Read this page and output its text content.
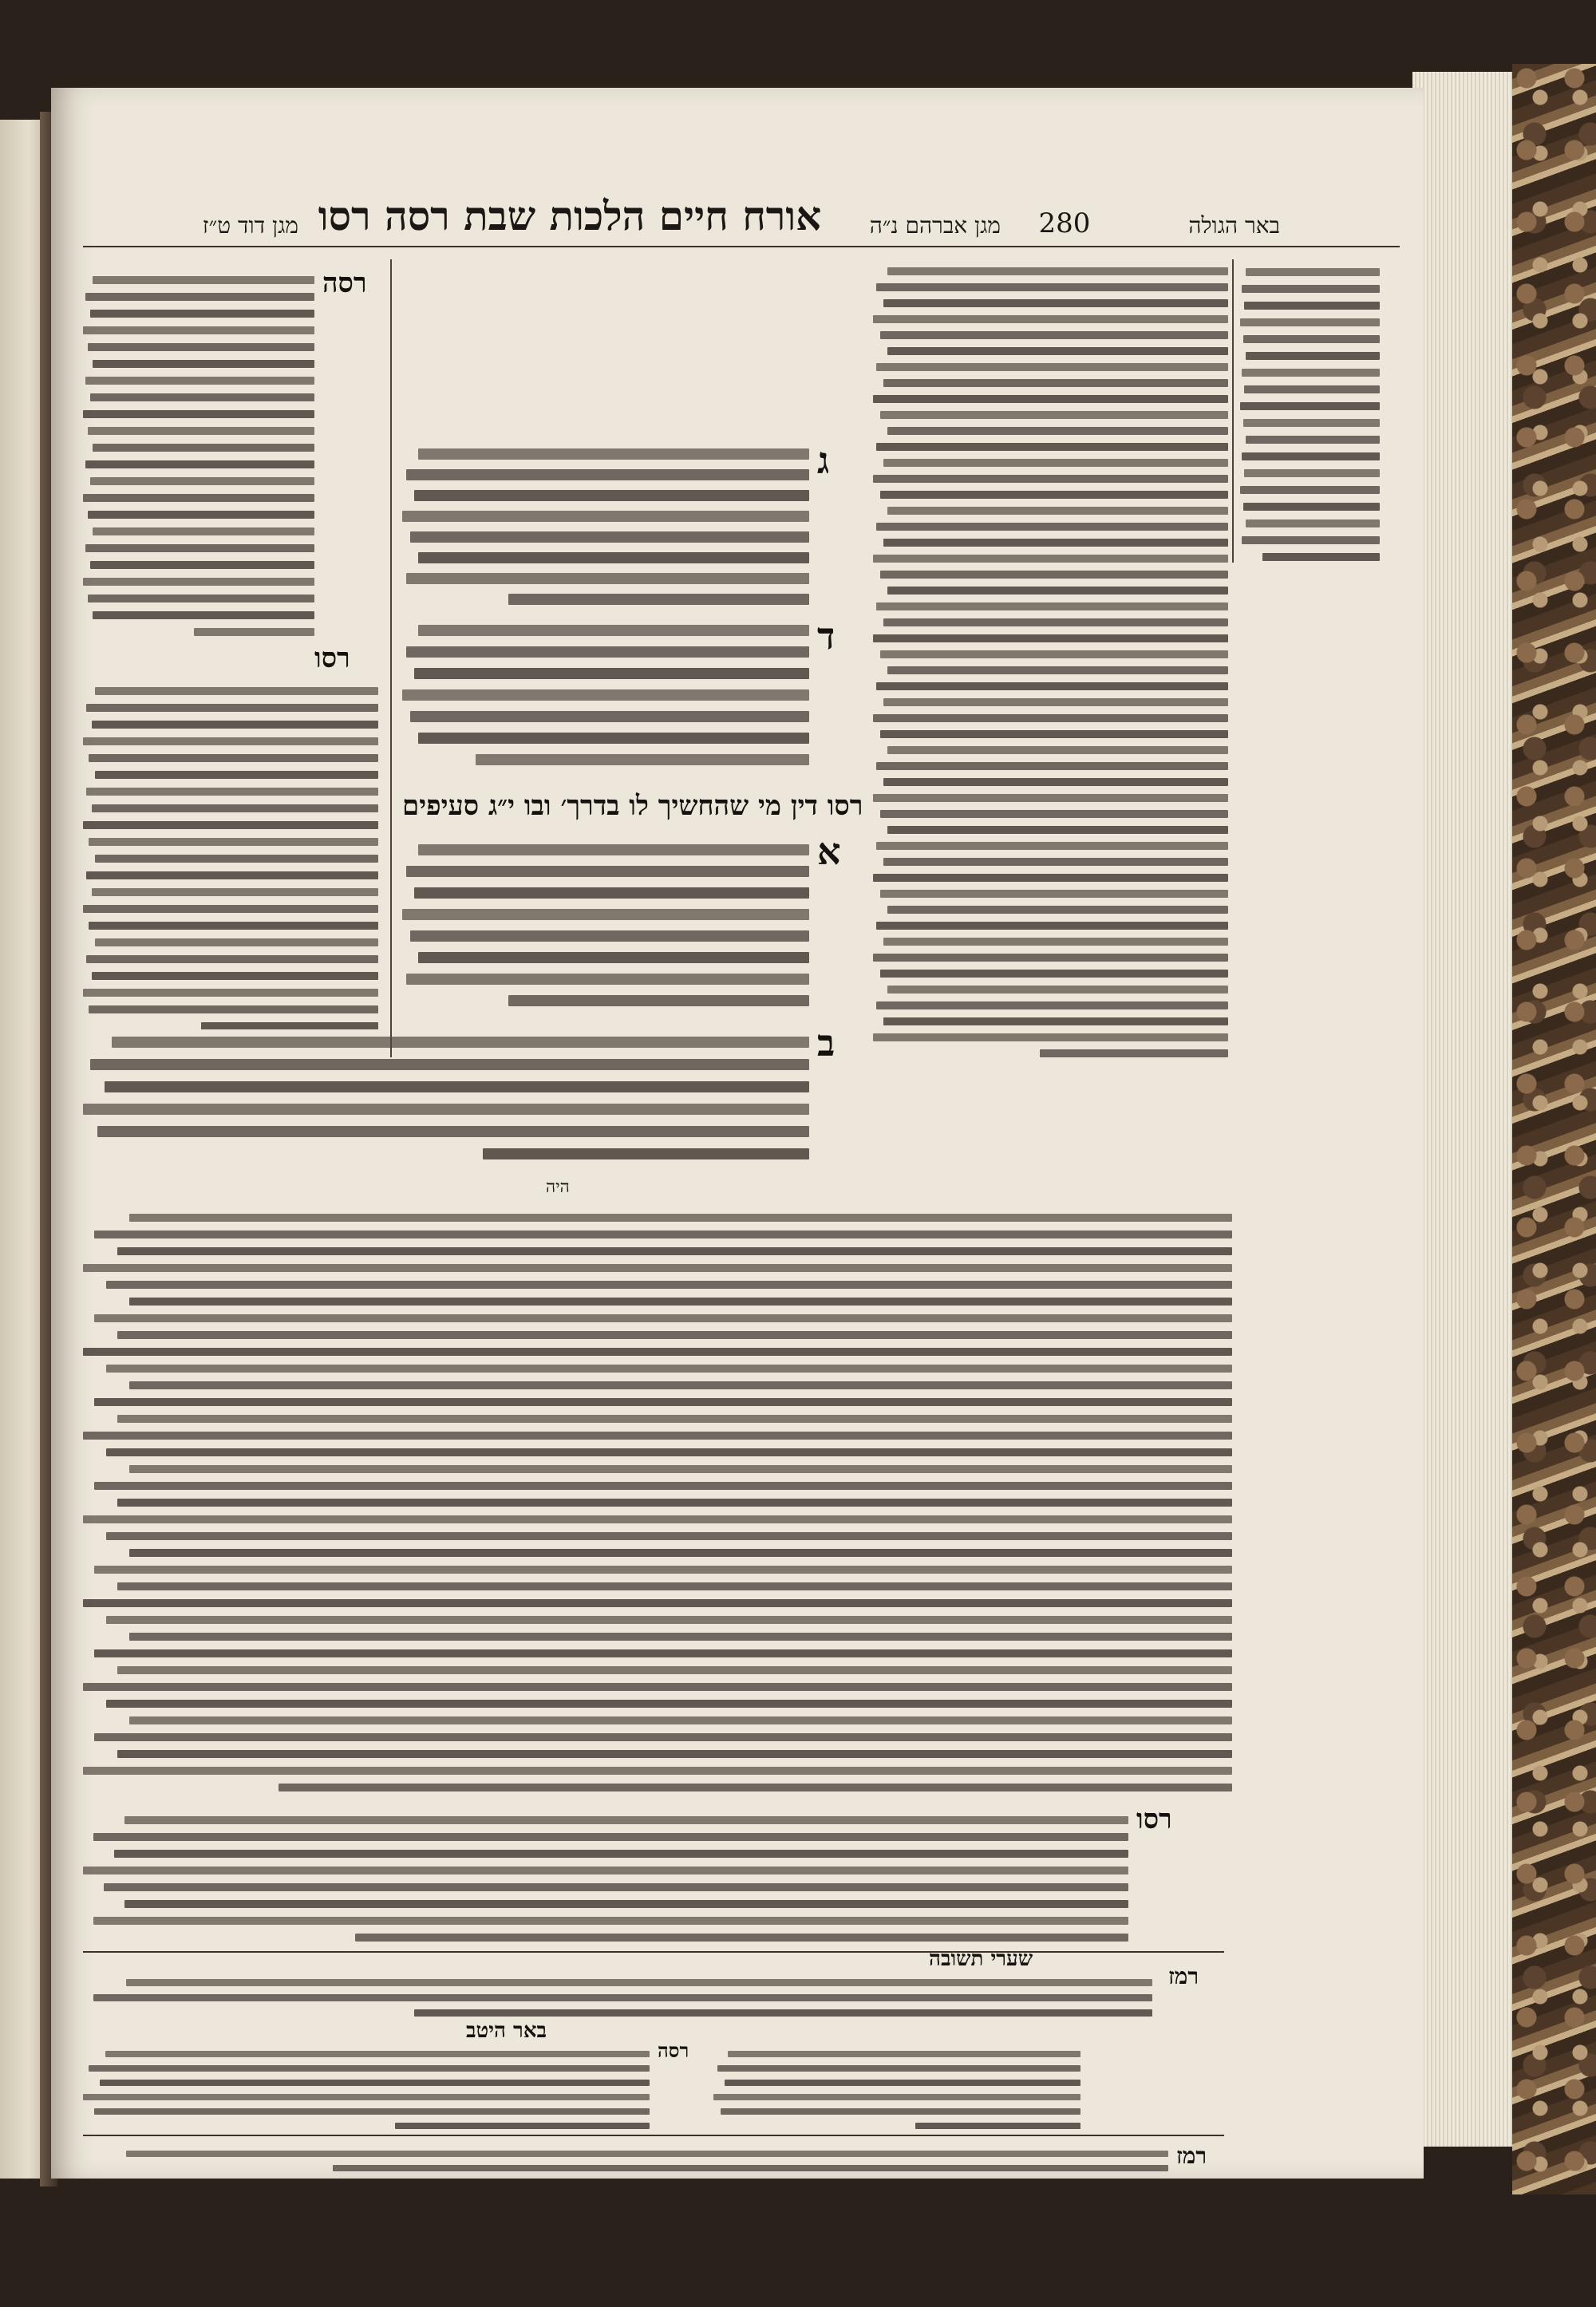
אורח חיים הלכות שבת רסה רסו
מגן דוד ט״ז	מגן אברהם נ״ה	280	באר הגולה
ג
ד
רסה
רסו
רסו דין מי שהחשיך לו בדרך׳ ובו י״ג סעיפים
א
ב
היה
רסו
שערי תשובה
רמז
באר היטב
רסה
רמז
